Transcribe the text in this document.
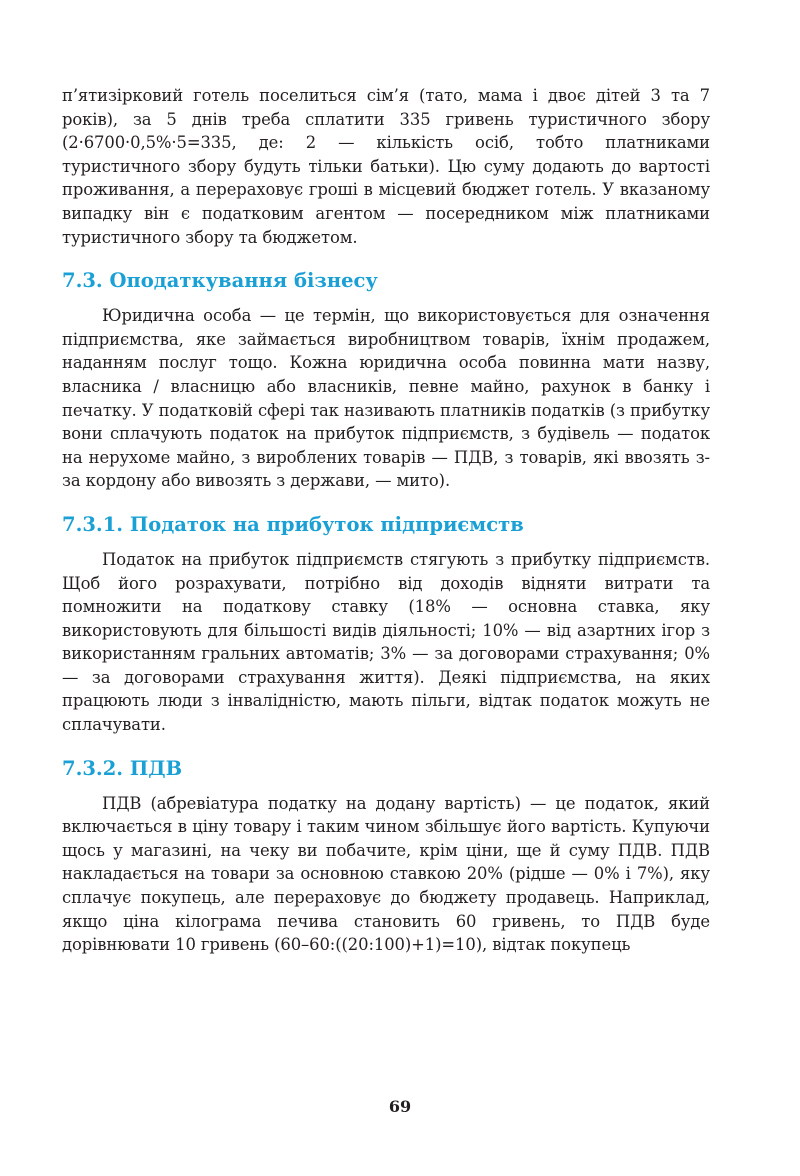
п’ятизірковий готель поселиться сім’я (тато, мама і двоє дітей 3 та 7 років), за 5 днів треба сплатити 335 гривень туристичного збору (2·6700·0,5%·5=335, де: 2 — кількість осіб, тобто платниками туристичного збору будуть тільки батьки). Цю суму додають до вартості проживання, а перераховує гроші в місцевий бюджет готель. У вказаному випадку він є податковим агентом — посередником між платниками туристичного збору та бюджетом.

7.3. Оподаткування бізнесу

Юридична особа — це термін, що використовується для означення підприємства, яке займається виробництвом товарів, їхнім продажем, наданням послуг тощо. Кожна юридична особа повинна мати назву, власника / власницю або власників, певне майно, рахунок в банку і печатку. У податковій сфері так називають платників податків (з прибутку вони сплачують податок на прибуток підприємств, з будівель — податок на нерухоме майно, з вироблених товарів — ПДВ, з товарів, які ввозять з-за кордону або вивозять з держави, — мито).

7.3.1. Податок на прибуток підприємств

Податок на прибуток підприємств стягують з прибутку підприємств. Щоб його розрахувати, потрібно від доходів відняти витрати та помножити на податкову ставку (18% — основна ставка, яку використовують для більшості видів діяльності; 10% — від азартних ігор з використанням гральних автоматів; 3% — за договорами страхування; 0% — за договорами страхування життя). Деякі підприємства, на яких працюють люди з інвалідністю, мають пільги, відтак податок можуть не сплачувати.

7.3.2. ПДВ

ПДВ (абревіатура податку на додану вартість) — це податок, який включається в ціну товару і таким чином збільшує його вартість. Купуючи щось у магазині, на чеку ви побачите, крім ціни, ще й суму ПДВ. ПДВ накладається на товари за основною ставкою 20% (рідше — 0% і 7%), яку сплачує покупець, але перераховує до бюджету продавець. Наприклад, якщо ціна кілограма печива становить 60 гривень, то ПДВ буде дорівнювати 10 гривень (60–60:((20:100)+1)=10), відтак покупець

69
